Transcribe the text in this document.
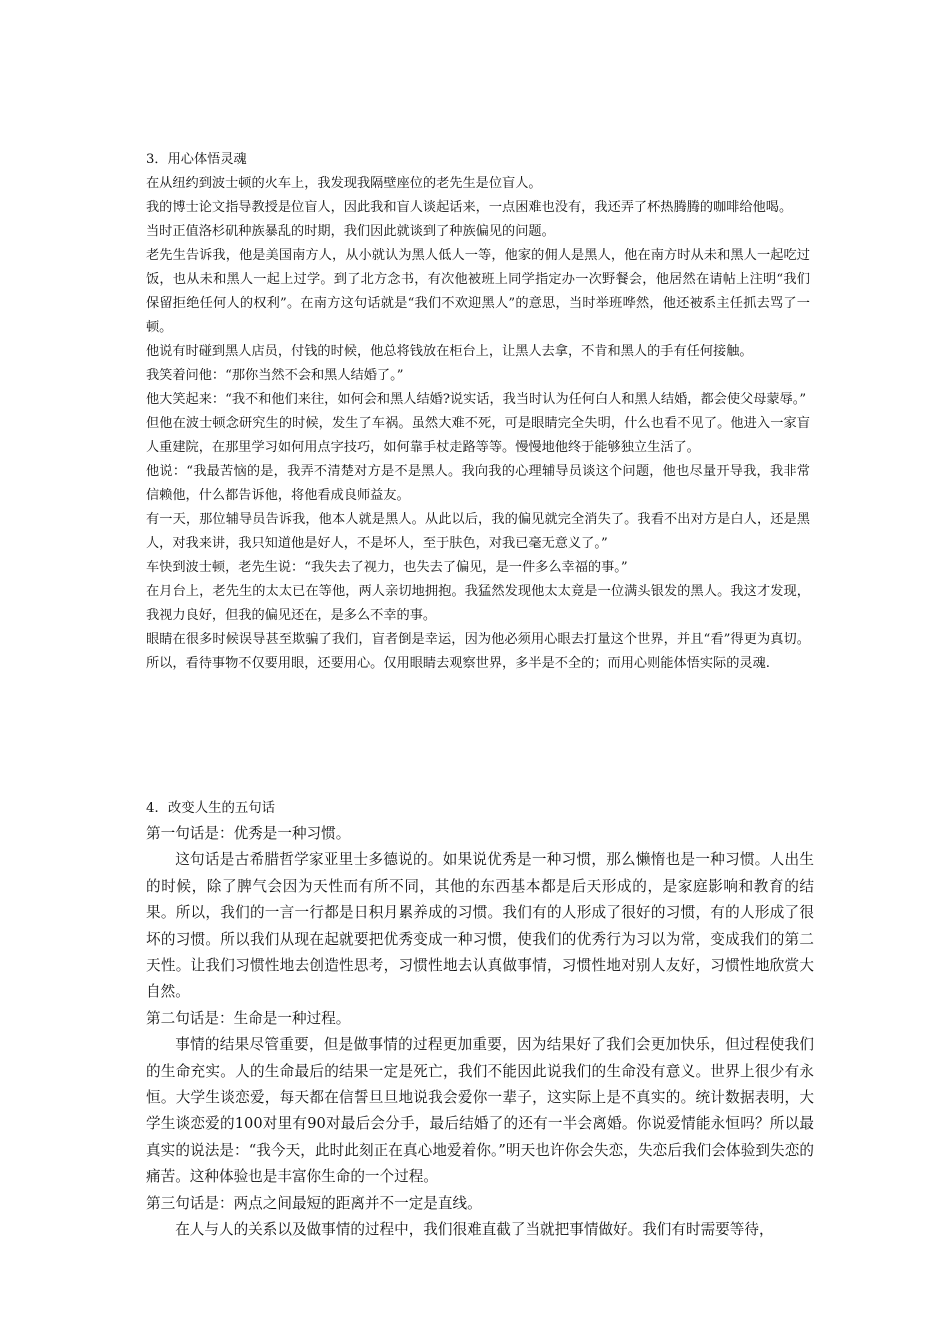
3．用心体悟灵魂

在从纽约到波士顿的火车上，我发现我隔壁座位的老先生是位盲人。

我的博士论文指导教授是位盲人，因此我和盲人谈起话来，一点困难也没有，我还弄了杯热腾腾的咖啡给他喝。

当时正值洛杉矶种族暴乱的时期，我们因此就谈到了种族偏见的问题。

老先生告诉我，他是美国南方人，从小就认为黑人低人一等，他家的佣人是黑人，他在南方时从未和黑人一起吃过饭，也从未和黑人一起上过学。到了北方念书，有次他被班上同学指定办一次野餐会，他居然在请帖上注明“我们保留拒绝任何人的权利”。在南方这句话就是“我们不欢迎黑人”的意思，当时举班哗然，他还被系主任抓去骂了一顿。

他说有时碰到黑人店员，付钱的时候，他总将钱放在柜台上，让黑人去拿，不肯和黑人的手有任何接触。

我笑着问他：“那你当然不会和黑人结婚了。”

他大笑起来：“我不和他们来往，如何会和黑人结婚?说实话，我当时认为任何白人和黑人结婚，都会使父母蒙辱。”

但他在波士顿念研究生的时候，发生了车祸。虽然大难不死，可是眼睛完全失明，什么也看不见了。他进入一家盲人重建院，在那里学习如何用点字技巧，如何靠手杖走路等等。慢慢地他终于能够独立生活了。

他说：“我最苦恼的是，我弄不清楚对方是不是黑人。我向我的心理辅导员谈这个问题，他也尽量开导我，我非常信赖他，什么都告诉他，将他看成良师益友。

有一天，那位辅导员告诉我，他本人就是黑人。从此以后，我的偏见就完全消失了。我看不出对方是白人，还是黑人，对我来讲，我只知道他是好人，不是坏人，至于肤色，对我已毫无意义了。”

车快到波士顿，老先生说：“我失去了视力，也失去了偏见，是一件多么幸福的事。”

在月台上，老先生的太太已在等他，两人亲切地拥抱。我猛然发现他太太竟是一位满头银发的黑人。我这才发现，我视力良好，但我的偏见还在，是多么不幸的事。

眼睛在很多时候误导甚至欺骗了我们，盲者倒是幸运，因为他必须用心眼去打量这个世界，并且“看”得更为真切。所以，看待事物不仅要用眼，还要用心。仅用眼睛去观察世界，多半是不全的；而用心则能体悟实际的灵魂.

4．改变人生的五句话

第一句话是：优秀是一种习惯。

这句话是古希腊哲学家亚里士多德说的。如果说优秀是一种习惯，那么懒惰也是一种习惯。人出生的时候，除了脾气会因为天性而有所不同，其他的东西基本都是后天形成的，是家庭影响和教育的结果。所以，我们的一言一行都是日积月累养成的习惯。我们有的人形成了很好的习惯，有的人形成了很坏的习惯。所以我们从现在起就要把优秀变成一种习惯，使我们的优秀行为习以为常，变成我们的第二天性。让我们习惯性地去创造性思考，习惯性地去认真做事情，习惯性地对别人友好，习惯性地欣赏大自然。

第二句话是：生命是一种过程。

事情的结果尽管重要，但是做事情的过程更加重要，因为结果好了我们会更加快乐，但过程使我们的生命充实。人的生命最后的结果一定是死亡，我们不能因此说我们的生命没有意义。世界上很少有永恒。大学生谈恋爱，每天都在信誓旦旦地说我会爱你一辈子，这实际上是不真实的。统计数据表明，大学生谈恋爱的100对里有90对最后会分手，最后结婚了的还有一半会离婚。你说爱情能永恒吗？所以最真实的说法是：“我今天，此时此刻正在真心地爱着你。”明天也许你会失恋，失恋后我们会体验到失恋的痛苦。这种体验也是丰富你生命的一个过程。

第三句话是：两点之间最短的距离并不一定是直线。

在人与人的关系以及做事情的过程中，我们很难直截了当就把事情做好。我们有时需要等待，
